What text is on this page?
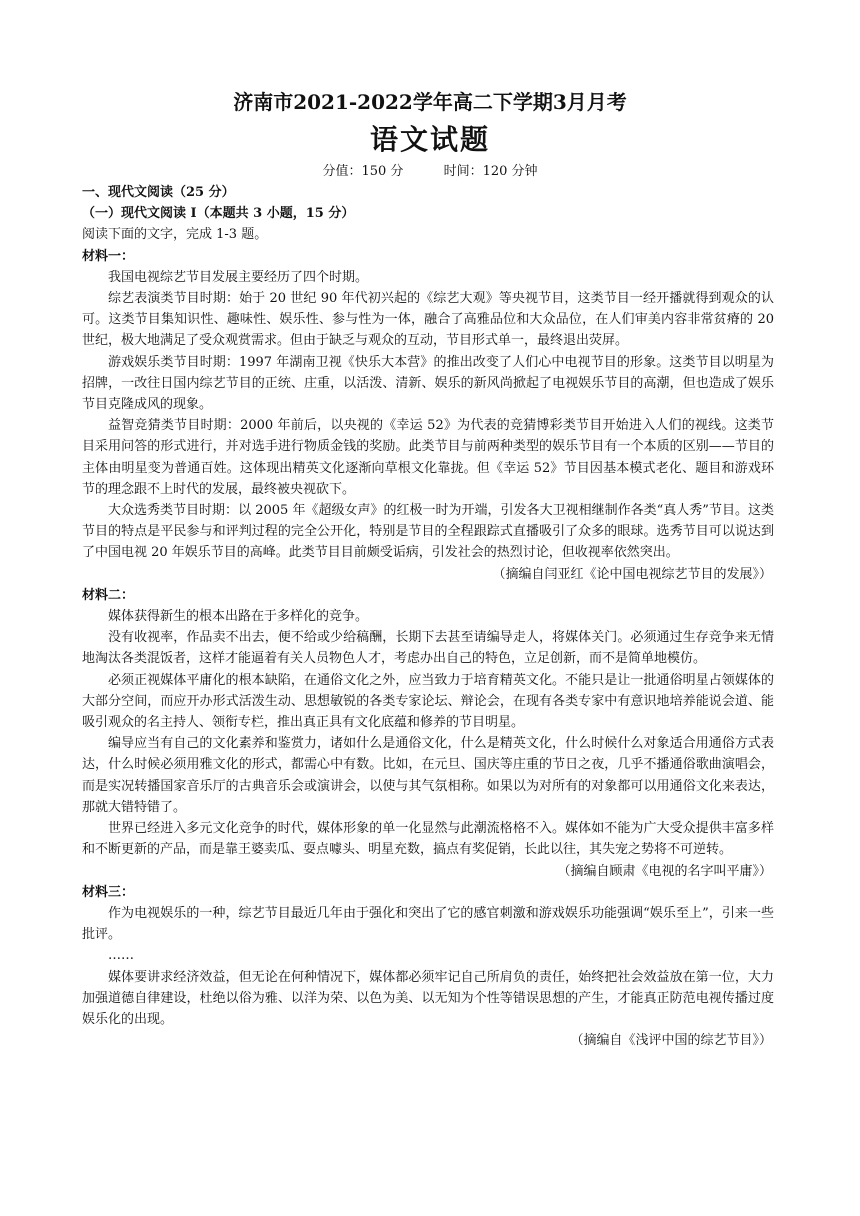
济南市2021-2022学年高二下学期3月月考
语文试题
分值：150 分	时间：120 分钟

一、现代文阅读（25 分）

（一）现代文阅读 I（本题共 3 小题，15 分）

阅读下面的文字，完成 1-3 题。

材料一：

我国电视综艺节目发展主要经历了四个时期。

综艺表演类节目时期：始于 20 世纪 90 年代初兴起的《综艺大观》等央视节目，这类节目一经开播就得到观众的认可。这类节目集知识性、趣味性、娱乐性、参与性为一体，融合了高雅品位和大众品位，在人们审美内容非常贫瘠的 20 世纪，极大地满足了受众观赏需求。但由于缺乏与观众的互动，节目形式单一，最终退出荧屏。

游戏娱乐类节目时期：1997 年湖南卫视《快乐大本营》的推出改变了人们心中电视节目的形象。这类节目以明星为招牌，一改往日国内综艺节目的正统、庄重，以活泼、清新、娱乐的新风尚掀起了电视娱乐节目的高潮，但也造成了娱乐节目克隆成风的现象。

益智竞猜类节目时期：2000 年前后，以央视的《幸运 52》为代表的竞猜博彩类节目开始进入人们的视线。这类节目采用问答的形式进行，并对选手进行物质金钱的奖励。此类节目与前两种类型的娱乐节目有一个本质的区别——节目的主体由明星变为普通百姓。这体现出精英文化逐渐向草根文化靠拢。但《幸运 52》节目因基本模式老化、题目和游戏环节的理念跟不上时代的发展，最终被央视砍下。

大众选秀类节目时期：以 2005 年《超级女声》的红极一时为开端，引发各大卫视相继制作各类“真人秀”节目。这类节目的特点是平民参与和评判过程的完全公开化，特别是节目的全程跟踪式直播吸引了众多的眼球。选秀节目可以说达到了中国电视 20 年娱乐节目的高峰。此类节目目前颇受诟病，引发社会的热烈讨论，但收视率依然突出。

（摘编自闫亚红《论中国电视综艺节目的发展》）

材料二：

媒体获得新生的根本出路在于多样化的竞争。

没有收视率，作品卖不出去，便不给或少给稿酬，长期下去甚至请编导走人，将媒体关门。必须通过生存竞争来无情地淘汰各类混饭者，这样才能逼着有关人员物色人才，考虑办出自己的特色，立足创新，而不是简单地模仿。

必须正视媒体平庸化的根本缺陷，在通俗文化之外，应当致力于培育精英文化。不能只是让一批通俗明星占领媒体的大部分空间，而应开办形式活泼生动、思想敏锐的各类专家论坛、辩论会，在现有各类专家中有意识地培养能说会道、能吸引观众的名主持人、领衔专栏，推出真正具有文化底蕴和修养的节目明星。

编导应当有自己的文化素养和鉴赏力，诸如什么是通俗文化，什么是精英文化，什么时候什么对象适合用通俗方式表达，什么时候必须用雅文化的形式，都需心中有数。比如，在元旦、国庆等庄重的节日之夜，几乎不播通俗歌曲演唱会，而是实况转播国家音乐厅的古典音乐会或演讲会，以使与其气氛相称。如果以为对所有的对象都可以用通俗文化来表达，那就大错特错了。

世界已经进入多元文化竞争的时代，媒体形象的单一化显然与此潮流格格不入。媒体如不能为广大受众提供丰富多样和不断更新的产品，而是靠王婆卖瓜、耍点噱头、明星充数，搞点有奖促销，长此以往，其失宠之势将不可逆转。

（摘编自顾肃《电视的名字叫平庸》）

材料三：

作为电视娱乐的一种，综艺节目最近几年由于强化和突出了它的感官刺激和游戏娱乐功能强调“娱乐至上”，引来一些批评。

……

媒体要讲求经济效益，但无论在何种情况下，媒体都必须牢记自己所肩负的责任，始终把社会效益放在第一位，大力加强道德自律建设，杜绝以俗为雅、以洋为荣、以色为美、以无知为个性等错误思想的产生，才能真正防范电视传播过度娱乐化的出现。

（摘编自《浅评中国的综艺节目》）
